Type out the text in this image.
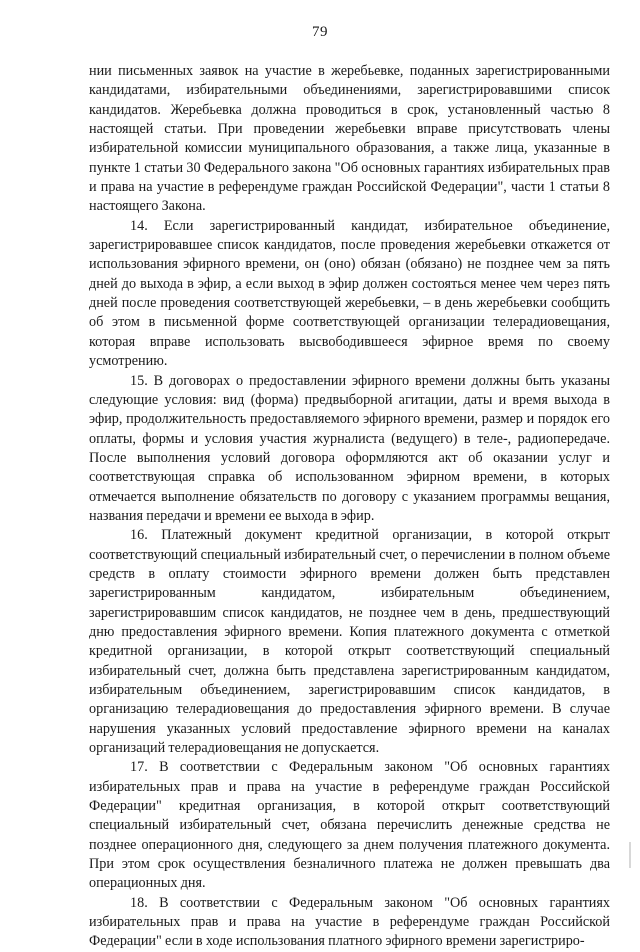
79

нии письменных заявок на участие в жеребьевке, поданных зарегистрированными кандидатами, избирательными объединениями, зарегистрировавшими список кандидатов. Жеребьевка должна проводиться в срок, установленный частью 8 настоящей статьи. При проведении жеребьевки вправе присутствовать члены избирательной комиссии муниципального образования, а также лица, указанные в пункте 1 статьи 30 Федерального закона "Об основных гарантиях избирательных прав и права на участие в референдуме граждан Российской Федерации", части 1 статьи 8 настоящего Закона.

14. Если зарегистрированный кандидат, избирательное объединение, зарегистрировавшее список кандидатов, после проведения жеребьевки откажется от использования эфирного времени, он (оно) обязан (обязано) не позднее чем за пять дней до выхода в эфир, а если выход в эфир должен состояться менее чем через пять дней после проведения соответствующей жеребьевки, – в день жеребьевки сообщить об этом в письменной форме соответствующей организации телерадиовещания, которая вправе использовать высвободившееся эфирное время по своему усмотрению.

15. В договорах о предоставлении эфирного времени должны быть указаны следующие условия: вид (форма) предвыборной агитации, даты и время выхода в эфир, продолжительность предоставляемого эфирного времени, размер и порядок его оплаты, формы и условия участия журналиста (ведущего) в теле-, радиопередаче. После выполнения условий договора оформляются акт об оказании услуг и соответствующая справка об использованном эфирном времени, в которых отмечается выполнение обязательств по договору с указанием программы вещания, названия передачи и времени ее выхода в эфир.

16. Платежный документ кредитной организации, в которой открыт соответствующий специальный избирательный счет, о перечислении в полном объеме средств в оплату стоимости эфирного времени должен быть представлен зарегистрированным кандидатом, избирательным объединением, зарегистрировавшим список кандидатов, не позднее чем в день, предшествующий дню предоставления эфирного времени. Копия платежного документа с отметкой кредитной организации, в которой открыт соответствующий специальный избирательный счет, должна быть представлена зарегистрированным кандидатом, избирательным объединением, зарегистрировавшим список кандидатов, в организацию телерадиовещания до предоставления эфирного времени. В случае нарушения указанных условий предоставление эфирного времени на каналах организаций телерадиовещания не допускается.

17. В соответствии с Федеральным законом "Об основных гарантиях избирательных прав и права на участие в референдуме граждан Российской Федерации" кредитная организация, в которой открыт соответствующий специальный избирательный счет, обязана перечислить денежные средства не позднее операционного дня, следующего за днем получения платежного документа. При этом срок осуществления безналичного платежа не должен превышать два операционных дня.

18. В соответствии с Федеральным законом "Об основных гарантиях избирательных прав и права на участие в референдуме граждан Российской Федерации" если в ходе использования платного эфирного времени зарегистриро-
